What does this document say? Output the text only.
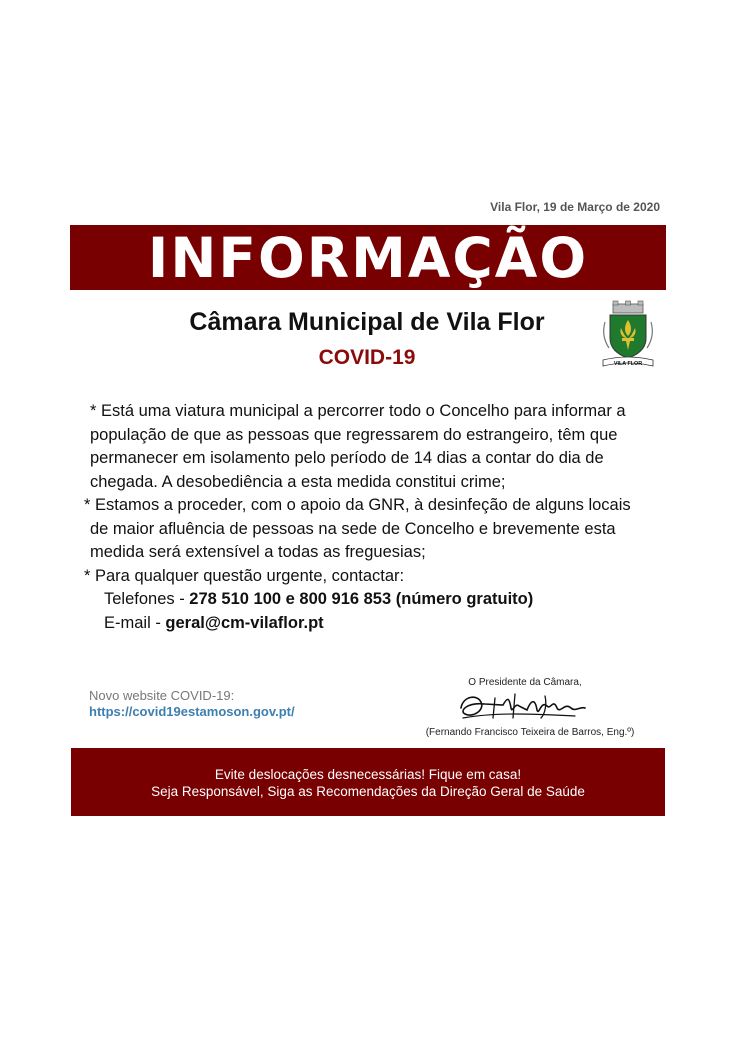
Vila Flor, 19 de Março de 2020
INFORMAÇÃO
Câmara Municipal de Vila Flor
COVID-19	VILA FLOR

* Está uma viatura municipal a percorrer todo o Concelho para informar a
população de que as pessoas que regressarem do estrangeiro, têm que
permanecer em isolamento pelo período de 14 dias a contar do dia de
chegada. A desobediência a esta medida constitui crime;

* Estamos a proceder, com o apoio da GNR, à desinfeção de alguns locais
de maior afluência de pessoas na sede de Concelho e brevemente esta
medida será extensível a todas as freguesias;

* Para qualquer questão urgente, contactar:

Telefones - 278 510 100 e 800 916 853 (número gratuito)

E-mail - geral@cm-vilaflor.pt

Novo website COVID-19:
https://covid19estamoson.gov.pt/
O Presidente da Câmara,
(Fernando Francisco Teixeira de Barros, Eng.º)
Evite deslocações desnecessárias! Fique em casa!
Seja Responsável, Siga as Recomendações da Direção Geral de Saúde
